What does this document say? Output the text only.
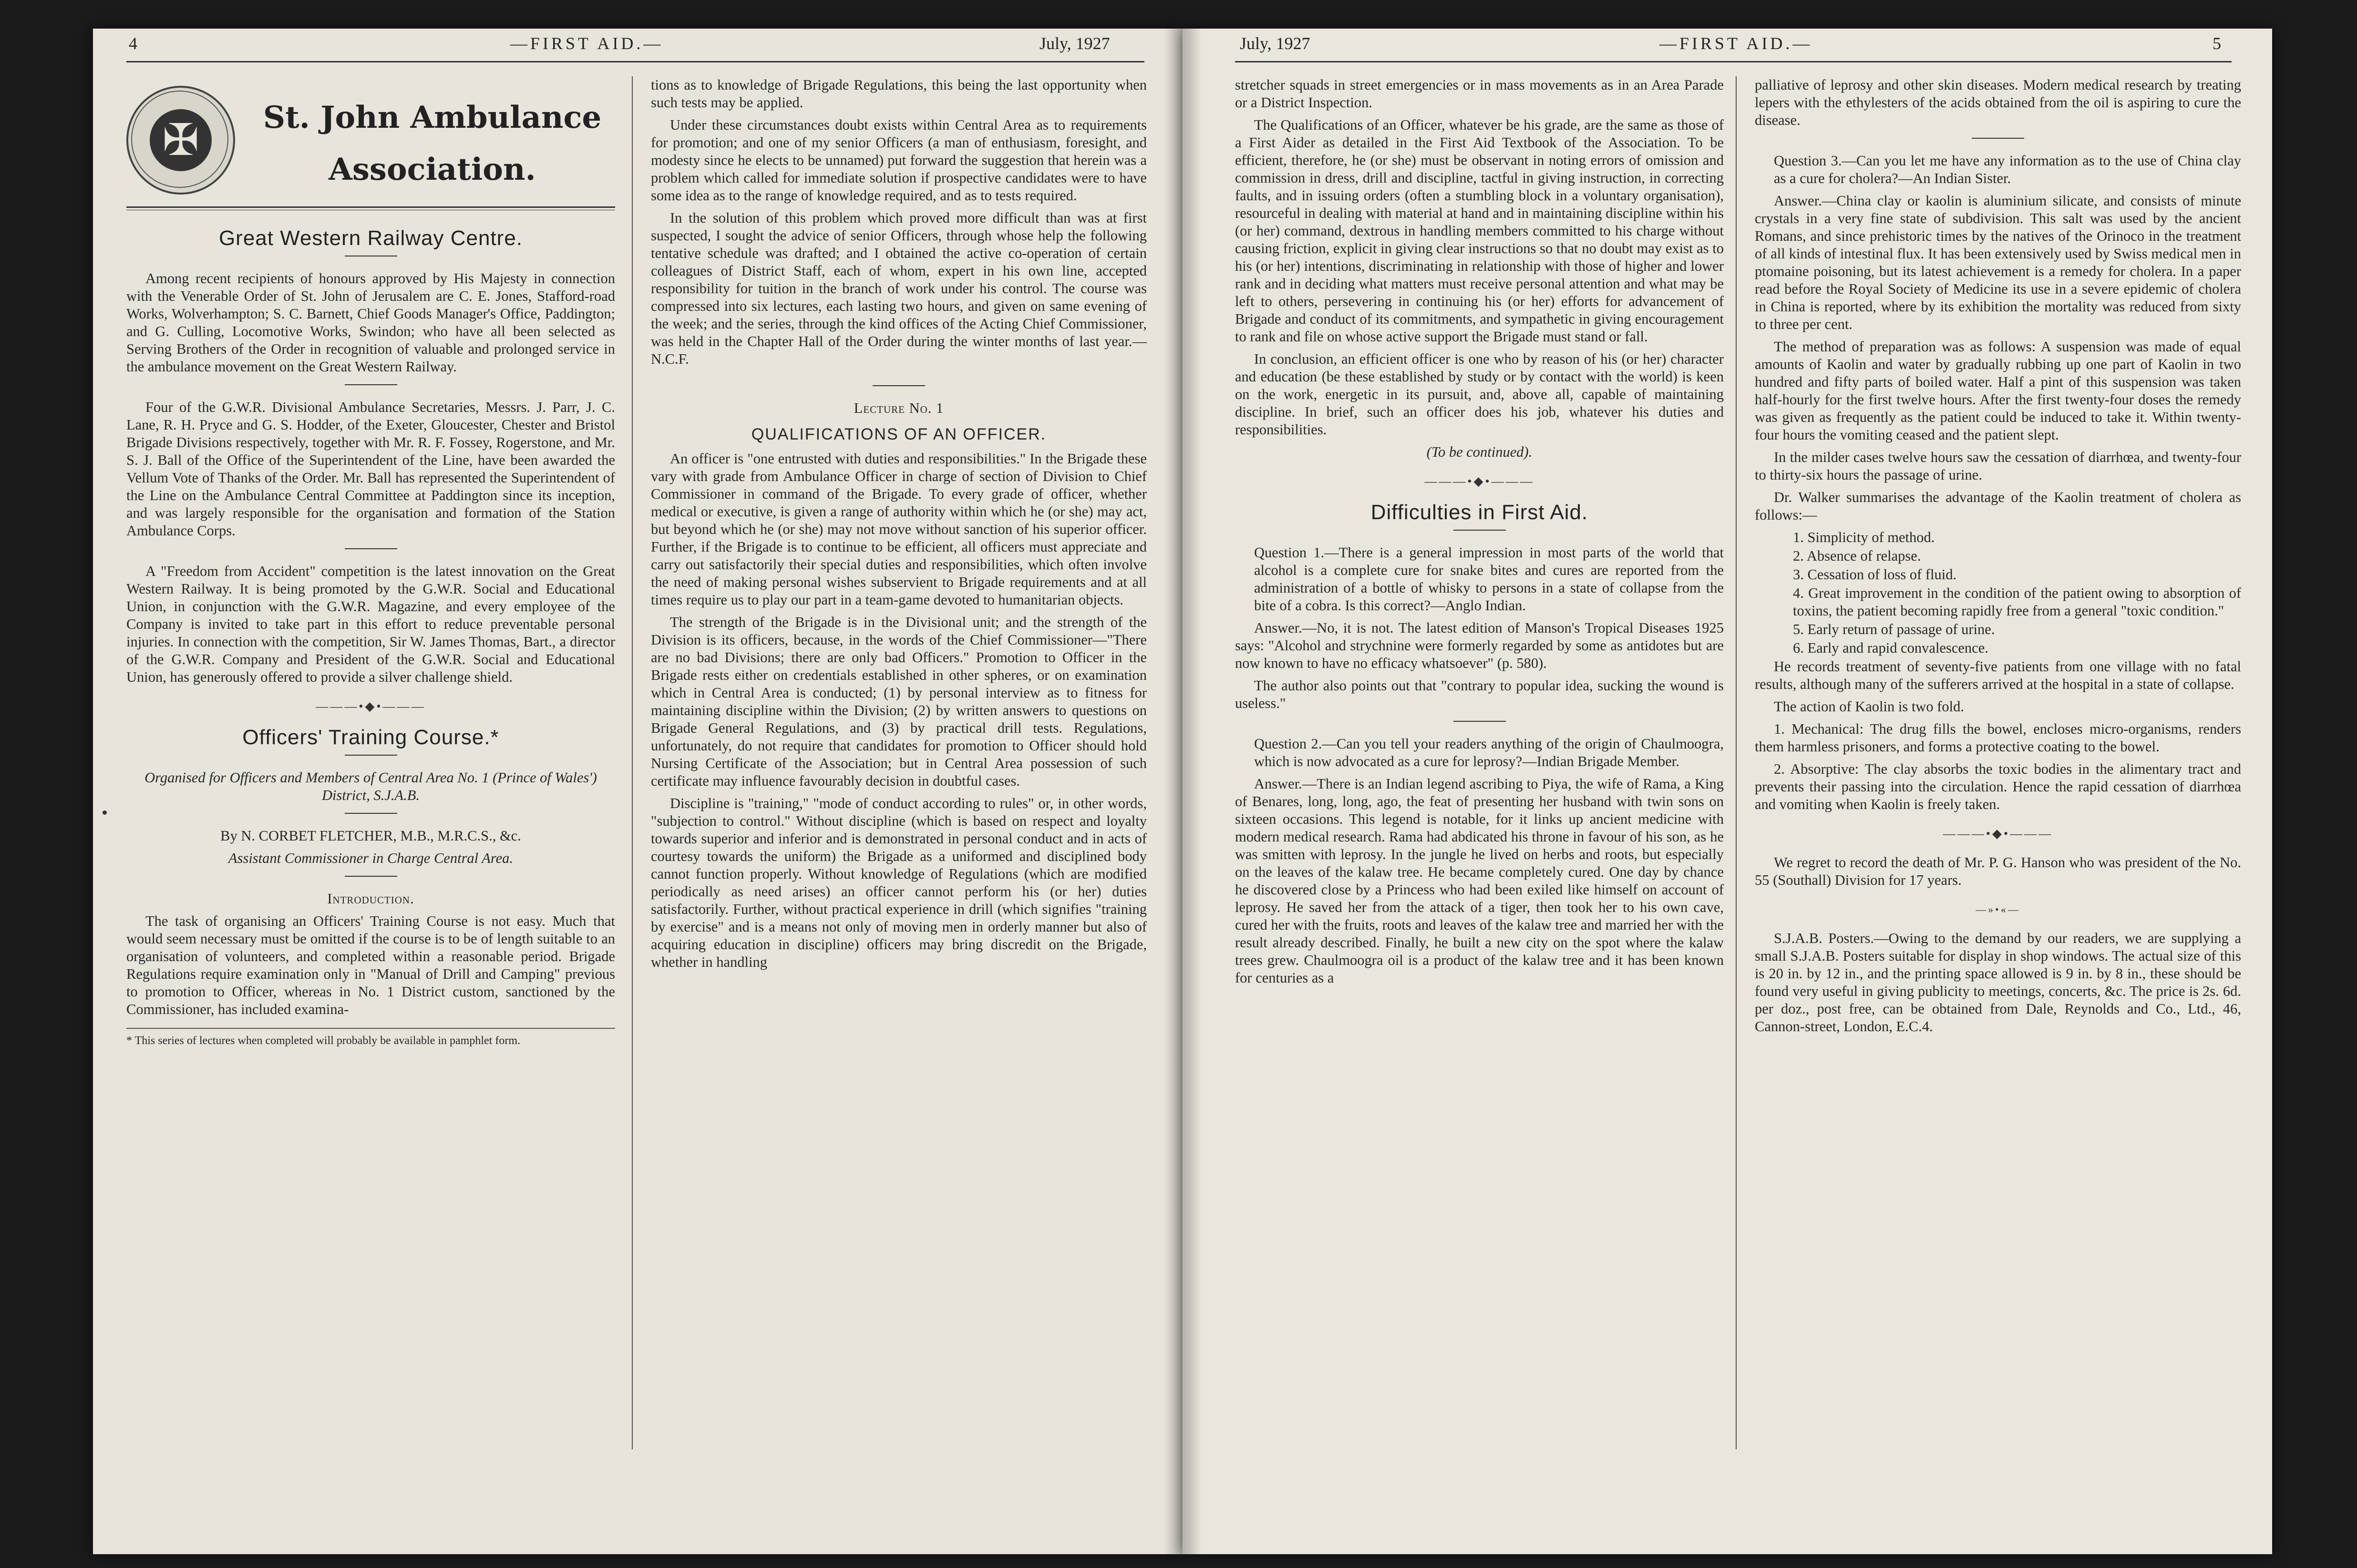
4	—FIRST AID.—	July, 1927	July, 1927	—FIRST AID.—	5
✠	St. John Ambulance
Association.
Great Western Railway Centre.

Among recent recipients of honours approved by His Majesty in connection with the Venerable Order of St. John of Jerusalem are C. E. Jones, Stafford-road Works, Wolverhampton; S. C. Barnett, Chief Goods Manager's Office, Paddington; and G. Culling, Locomotive Works, Swindon; who have all been selected as Serving Brothers of the Order in recognition of valuable and prolonged service in the ambulance movement on the Great Western Railway.

Four of the G.W.R. Divisional Ambulance Secretaries, Messrs. J. Parr, J. C. Lane, R. H. Pryce and G. S. Hodder, of the Exeter, Gloucester, Chester and Bristol Brigade Divisions respectively, together with Mr. R. F. Fossey, Rogerstone, and Mr. S. J. Ball of the Office of the Superintendent of the Line, have been awarded the Vellum Vote of Thanks of the Order. Mr. Ball has represented the Superintendent of the Line on the Ambulance Central Committee at Paddington since its inception, and was largely responsible for the organisation and formation of the Station Ambulance Corps.

A "Freedom from Accident" competition is the latest innovation on the Great Western Railway. It is being promoted by the G.W.R. Social and Educational Union, in conjunction with the G.W.R. Magazine, and every employee of the Company is invited to take part in this effort to reduce preventable personal injuries. In connection with the competition, Sir W. James Thomas, Bart., a director of the G.W.R. Company and President of the G.W.R. Social and Educational Union, has generously offered to provide a silver challenge shield.

———•◆•———
Officers' Training Course.*

Organised for Officers and Members of Central Area No. 1 (Prince of Wales') District, S.J.A.B.

By N. CORBET FLETCHER, M.B., M.R.C.S., &c.

Assistant Commissioner in Charge Central Area.

Introduction.

The task of organising an Officers' Training Course is not easy. Much that would seem necessary must be omitted if the course is to be of length suitable to an organisation of volunteers, and completed within a reasonable period. Brigade Regulations require examination only in "Manual of Drill and Camping" previous to promotion to Officer, whereas in No. 1 District custom, sanctioned by the Commissioner, has included examina-

* This series of lectures when completed will probably be available in pamphlet form.

tions as to knowledge of Brigade Regulations, this being the last opportunity when such tests may be applied.

Under these circumstances doubt exists within Central Area as to requirements for promotion; and one of my senior Officers (a man of enthusiasm, foresight, and modesty since he elects to be unnamed) put forward the suggestion that herein was a problem which called for immediate solution if prospective candidates were to have some idea as to the range of knowledge required, and as to tests required.

In the solution of this problem which proved more difficult than was at first suspected, I sought the advice of senior Officers, through whose help the following tentative schedule was drafted; and I obtained the active co-operation of certain colleagues of District Staff, each of whom, expert in his own line, accepted responsibility for tuition in the branch of work under his control. The course was compressed into six lectures, each lasting two hours, and given on same evening of the week; and the series, through the kind offices of the Acting Chief Commissioner, was held in the Chapter Hall of the Order during the winter months of last year.—N.C.F.

Lecture No. 1

QUALIFICATIONS OF AN OFFICER.

An officer is "one entrusted with duties and responsibilities." In the Brigade these vary with grade from Ambulance Officer in charge of section of Division to Chief Commissioner in command of the Brigade. To every grade of officer, whether medical or executive, is given a range of authority within which he (or she) may act, but beyond which he (or she) may not move without sanction of his superior officer. Further, if the Brigade is to continue to be efficient, all officers must appreciate and carry out satisfactorily their special duties and responsibilities, which often involve the need of making personal wishes subservient to Brigade requirements and at all times require us to play our part in a team-game devoted to humanitarian objects.

The strength of the Brigade is in the Divisional unit; and the strength of the Division is its officers, because, in the words of the Chief Commissioner—"There are no bad Divisions; there are only bad Officers." Promotion to Officer in the Brigade rests either on credentials established in other spheres, or on examination which in Central Area is conducted; (1) by personal interview as to fitness for maintaining discipline within the Division; (2) by written answers to questions on Brigade General Regulations, and (3) by practical drill tests. Regulations, unfortunately, do not require that candidates for promotion to Officer should hold Nursing Certificate of the Association; but in Central Area possession of such certificate may influence favourably decision in doubtful cases.

Discipline is "training," "mode of conduct according to rules" or, in other words, "subjection to control." Without discipline (which is based on respect and loyalty towards superior and inferior and is demonstrated in personal conduct and in acts of courtesy towards the uniform) the Brigade as a uniformed and disciplined body cannot function properly. Without knowledge of Regulations (which are modified periodically as need arises) an officer cannot perform his (or her) duties satisfactorily. Further, without practical experience in drill (which signifies "training by exercise" and is a means not only of moving men in orderly manner but also of acquiring education in discipline) officers may bring discredit on the Brigade, whether in handling

stretcher squads in street emergencies or in mass movements as in an Area Parade or a District Inspection.

The Qualifications of an Officer, whatever be his grade, are the same as those of a First Aider as detailed in the First Aid Textbook of the Association. To be efficient, therefore, he (or she) must be observant in noting errors of omission and commission in dress, drill and discipline, tactful in giving instruction, in correcting faults, and in issuing orders (often a stumbling block in a voluntary organisation), resourceful in dealing with material at hand and in maintaining discipline within his (or her) command, dextrous in handling members committed to his charge without causing friction, explicit in giving clear instructions so that no doubt may exist as to his (or her) intentions, discriminating in relationship with those of higher and lower rank and in deciding what matters must receive personal attention and what may be left to others, persevering in continuing his (or her) efforts for advancement of Brigade and conduct of its commitments, and sympathetic in giving encouragement to rank and file on whose active support the Brigade must stand or fall.

In conclusion, an efficient officer is one who by reason of his (or her) character and education (be these established by study or by contact with the world) is keen on the work, energetic in its pursuit, and, above all, capable of maintaining discipline. In brief, such an officer does his job, whatever his duties and responsibilities.

(To be continued).

———•◆•———
Difficulties in First Aid.

Question 1.—There is a general impression in most parts of the world that alcohol is a complete cure for snake bites and cures are reported from the administration of a bottle of whisky to persons in a state of collapse from the bite of a cobra. Is this correct?—Anglo Indian.

Answer.—No, it is not. The latest edition of Manson's Tropical Diseases 1925 says: "Alcohol and strychnine were formerly regarded by some as antidotes but are now known to have no efficacy whatsoever" (p. 580).

The author also points out that "contrary to popular idea, sucking the wound is useless."

Question 2.—Can you tell your readers anything of the origin of Chaulmoogra, which is now advocated as a cure for leprosy?—Indian Brigade Member.

Answer.—There is an Indian legend ascribing to Piya, the wife of Rama, a King of Benares, long, long, ago, the feat of presenting her husband with twin sons on sixteen occasions. This legend is notable, for it links up ancient medicine with modern medical research. Rama had abdicated his throne in favour of his son, as he was smitten with leprosy. In the jungle he lived on herbs and roots, but especially on the leaves of the kalaw tree. He became completely cured. One day by chance he discovered close by a Princess who had been exiled like himself on account of leprosy. He saved her from the attack of a tiger, then took her to his own cave, cured her with the fruits, roots and leaves of the kalaw tree and married her with the result already described. Finally, he built a new city on the spot where the kalaw trees grew. Chaulmoogra oil is a product of the kalaw tree and it has been known for centuries as a

palliative of leprosy and other skin diseases. Modern medical research by treating lepers with the ethylesters of the acids obtained from the oil is aspiring to cure the disease.

Question 3.—Can you let me have any information as to the use of China clay as a cure for cholera?—An Indian Sister.

Answer.—China clay or kaolin is aluminium silicate, and consists of minute crystals in a very fine state of subdivision. This salt was used by the ancient Romans, and since prehistoric times by the natives of the Orinoco in the treatment of all kinds of intestinal flux. It has been extensively used by Swiss medical men in ptomaine poisoning, but its latest achievement is a remedy for cholera. In a paper read before the Royal Society of Medicine its use in a severe epidemic of cholera in China is reported, where by its exhibition the mortality was reduced from sixty to three per cent.

The method of preparation was as follows: A suspension was made of equal amounts of Kaolin and water by gradually rubbing up one part of Kaolin in two hundred and fifty parts of boiled water. Half a pint of this suspension was taken half-hourly for the first twelve hours. After the first twenty-four doses the remedy was given as frequently as the patient could be induced to take it. Within twenty-four hours the vomiting ceased and the patient slept.

In the milder cases twelve hours saw the cessation of diarrhœa, and twenty-four to thirty-six hours the passage of urine.

Dr. Walker summarises the advantage of the Kaolin treatment of cholera as follows:—

1. Simplicity of method.

2. Absence of relapse.

3. Cessation of loss of fluid.

4. Great improvement in the condition of the patient owing to absorption of toxins, the patient becoming rapidly free from a general "toxic condition."

5. Early return of passage of urine.

6. Early and rapid convalescence.

He records treatment of seventy-five patients from one village with no fatal results, although many of the sufferers arrived at the hospital in a state of collapse.

The action of Kaolin is two fold.

1. Mechanical: The drug fills the bowel, encloses micro-organisms, renders them harmless prisoners, and forms a protective coating to the bowel.

2. Absorptive: The clay absorbs the toxic bodies in the alimentary tract and prevents their passing into the circulation. Hence the rapid cessation of diarrhœa and vomiting when Kaolin is freely taken.

———•◆•———

We regret to record the death of Mr. P. G. Hanson who was president of the No. 55 (Southall) Division for 17 years.

—»•«—

S.J.A.B. Posters.—Owing to the demand by our readers, we are supplying a small S.J.A.B. Posters suitable for display in shop windows. The actual size of this is 20 in. by 12 in., and the printing space allowed is 9 in. by 8 in., these should be found very useful in giving publicity to meetings, concerts, &c. The price is 2s. 6d. per doz., post free, can be obtained from Dale, Reynolds and Co., Ltd., 46, Cannon-street, London, E.C.4.
